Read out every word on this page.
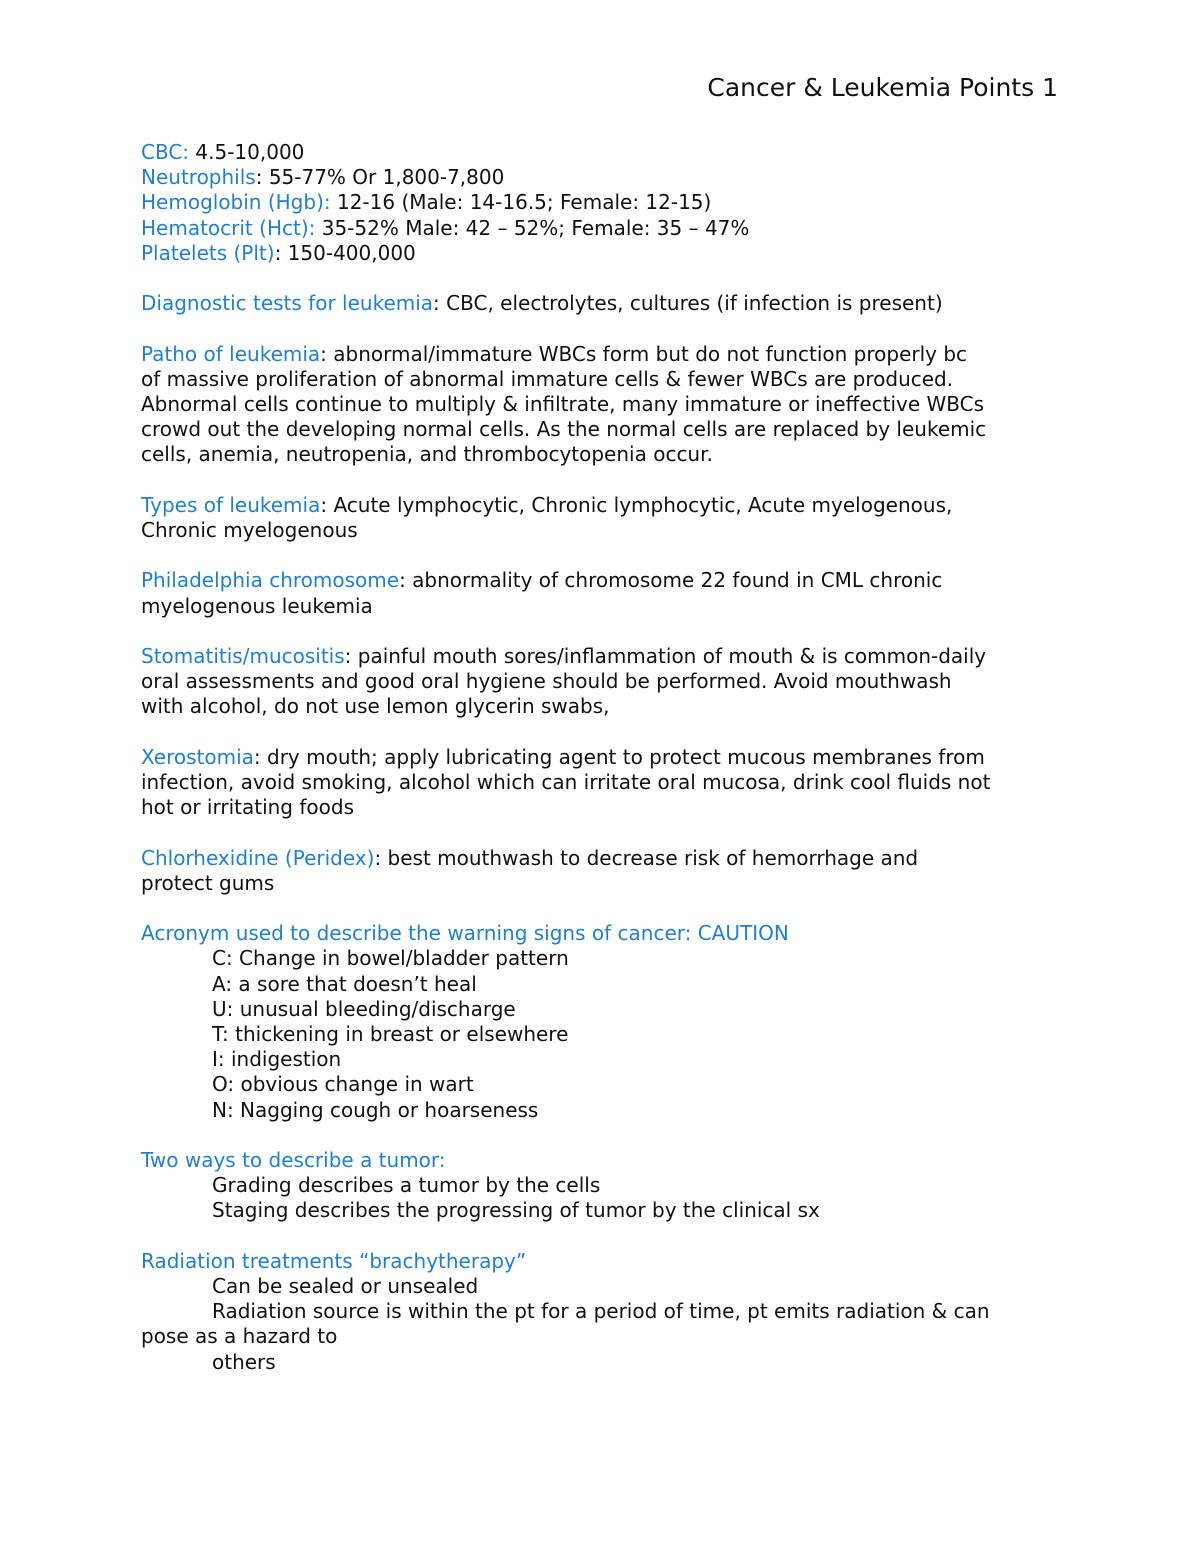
Cancer & Leukemia Points 1
CBC: 4.5-10,000
Neutrophils: 55-77% Or 1,800-7,800
Hemoglobin (Hgb): 12-16 (Male: 14-16.5; Female: 12-15)
Hematocrit (Hct): 35-52% Male: 42 – 52%; Female: 35 – 47%
Platelets (Plt): 150-400,000
Diagnostic tests for leukemia: CBC, electrolytes, cultures (if infection is present)
Patho of leukemia: abnormal/immature WBCs form but do not function properly bc
of massive proliferation of abnormal immature cells & fewer WBCs are produced.
Abnormal cells continue to multiply & infiltrate, many immature or ineffective WBCs
crowd out the developing normal cells. As the normal cells are replaced by leukemic
cells, anemia, neutropenia, and thrombocytopenia occur.
Types of leukemia: Acute lymphocytic, Chronic lymphocytic, Acute myelogenous,
Chronic myelogenous
Philadelphia chromosome: abnormality of chromosome 22 found in CML chronic
myelogenous leukemia
Stomatitis/mucositis: painful mouth sores/inflammation of mouth & is common-daily
oral assessments and good oral hygiene should be performed. Avoid mouthwash
with alcohol, do not use lemon glycerin swabs,
Xerostomia: dry mouth; apply lubricating agent to protect mucous membranes from
infection, avoid smoking, alcohol which can irritate oral mucosa, drink cool fluids not
hot or irritating foods
Chlorhexidine (Peridex): best mouthwash to decrease risk of hemorrhage and
protect gums
Acronym used to describe the warning signs of cancer: CAUTION
C: Change in bowel/bladder pattern
A: a sore that doesn’t heal
U: unusual bleeding/discharge
T: thickening in breast or elsewhere
I: indigestion
O: obvious change in wart
N: Nagging cough or hoarseness
Two ways to describe a tumor:
Grading describes a tumor by the cells
Staging describes the progressing of tumor by the clinical sx
Radiation treatments “brachytherapy”
Can be sealed or unsealed
Radiation source is within the pt for a period of time, pt emits radiation & can
pose as a hazard to
others
